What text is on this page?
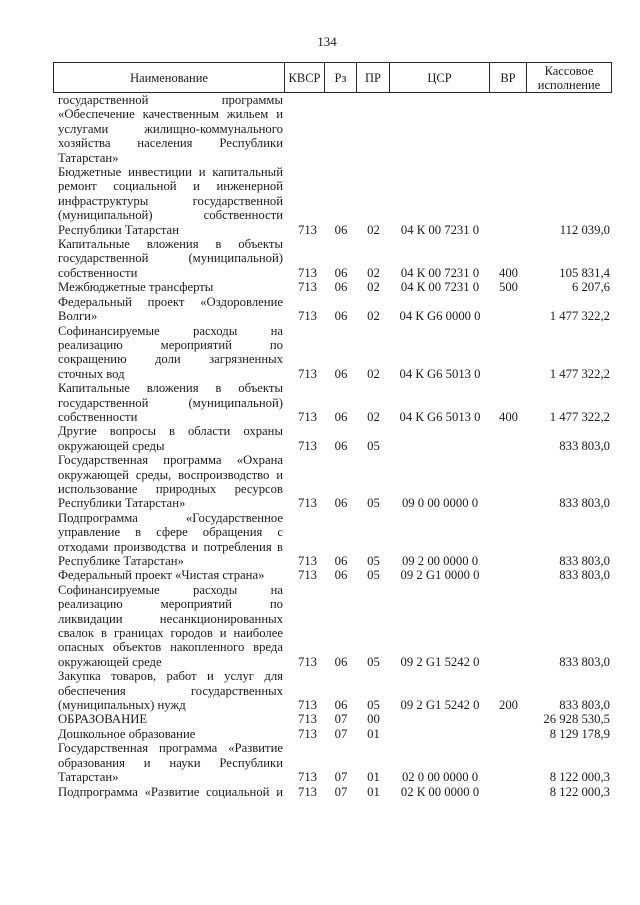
134
Наименование	КВСР	Рз	ПР	ЦСР	ВР	Кассовое исполнение
государственной программы
«Обеспечение качественным жильем и
услугами жилищно-коммунального
хозяйства населения Республики
Татарстан»
Бюджетные инвестиции и капитальный
ремонт социальной и инженерной
инфраструктуры государственной
(муниципальной) собственности
Республики Татарстан	713	06	02	04 К 00 7231 0	112 039,0
Капитальные вложения в объекты
государственной (муниципальной)
собственности	713	06	02	04 К 00 7231 0	400	105 831,4
Межбюджетные трансферты	713	06	02	04 К 00 7231 0	500	6 207,6
Федеральный проект «Оздоровление
Волги»	713	06	02	04 К G6 0000 0	1 477 322,2
Софинансируемые расходы на
реализацию мероприятий по
сокращению доли загрязненных
сточных вод	713	06	02	04 К G6 5013 0	1 477 322,2
Капитальные вложения в объекты
государственной (муниципальной)
собственности	713	06	02	04 К G6 5013 0	400	1 477 322,2
Другие вопросы в области охраны
окружающей среды	713	06	05	833 803,0
Государственная программа «Охрана
окружающей среды, воспроизводство и
использование природных ресурсов
Республики Татарстан»	713	06	05	09 0 00 0000 0	833 803,0
Подпрограмма «Государственное
управление в сфере обращения с
отходами производства и потребления в
Республике Татарстан»	713	06	05	09 2 00 0000 0	833 803,0
Федеральный проект «Чистая страна»	713	06	05	09 2 G1 0000 0	833 803,0
Софинансируемые расходы на
реализацию мероприятий по
ликвидации несанкционированных
свалок в границах городов и наиболее
опасных объектов накопленного вреда
окружающей среде	713	06	05	09 2 G1 5242 0	833 803,0
Закупка товаров, работ и услуг для
обеспечения государственных
(муниципальных) нужд	713	06	05	09 2 G1 5242 0	200	833 803,0
ОБРАЗОВАНИЕ	713	07	00	26 928 530,5
Дошкольное образование	713	07	01	8 129 178,9
Государственная программа «Развитие
образования и науки Республики
Татарстан»	713	07	01	02 0 00 0000 0	8 122 000,3
Подпрограмма «Развитие социальной и	713	07	01	02 К 00 0000 0	8 122 000,3
